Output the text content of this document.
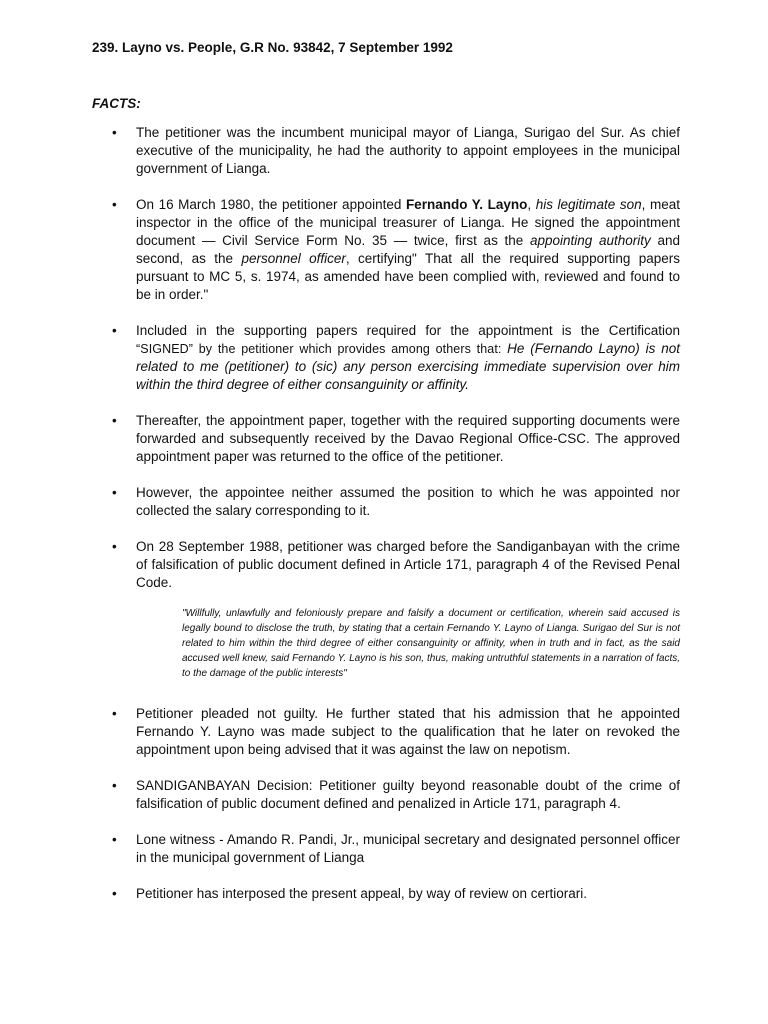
239. Layno vs. People, G.R No. 93842, 7 September 1992
FACTS:
• The petitioner was the incumbent municipal mayor of Lianga, Surigao del Sur. As chief executive of the municipality, he had the authority to appoint employees in the municipal government of Lianga.
• On 16 March 1980, the petitioner appointed Fernando Y. Layno, his legitimate son, meat inspector in the office of the municipal treasurer of Lianga. He signed the appointment document — Civil Service Form No. 35 — twice, first as the appointing authority and second, as the personnel officer, certifying" That all the required supporting papers pursuant to MC 5, s. 1974, as amended have been complied with, reviewed and found to be in order."
• Included in the supporting papers required for the appointment is the Certification “SIGNED” by the petitioner which provides among others that: He (Fernando Layno) is not related to me (petitioner) to (sic) any person exercising immediate supervision over him within the third degree of either consanguinity or affinity.
• Thereafter, the appointment paper, together with the required supporting documents were forwarded and subsequently received by the Davao Regional Office-CSC. The approved appointment paper was returned to the office of the petitioner.
• However, the appointee neither assumed the position to which he was appointed nor collected the salary corresponding to it.
• On 28 September 1988, petitioner was charged before the Sandiganbayan with the crime of falsification of public document defined in Article 171, paragraph 4 of the Revised Penal Code.
"Willfully, unlawfully and feloniously prepare and falsify a document or certification, wherein said accused is legally bound to disclose the truth, by stating that a certain Fernando Y. Layno of Lianga. Surigao del Sur is not related to him within the third degree of either consanguinity or affinity, when in truth and in fact, as the said accused well knew, said Fernando Y. Layno is his son, thus, making untruthful statements in a narration of facts, to the damage of the public interests"
• Petitioner pleaded not guilty. He further stated that his admission that he appointed Fernando Y. Layno was made subject to the qualification that he later on revoked the appointment upon being advised that it was against the law on nepotism.
• SANDIGANBAYAN Decision: Petitioner guilty beyond reasonable doubt of the crime of falsification of public document defined and penalized in Article 171, paragraph 4.
• Lone witness - Amando R. Pandi, Jr., municipal secretary and designated personnel officer in the municipal government of Lianga
• Petitioner has interposed the present appeal, by way of review on certiorari.
